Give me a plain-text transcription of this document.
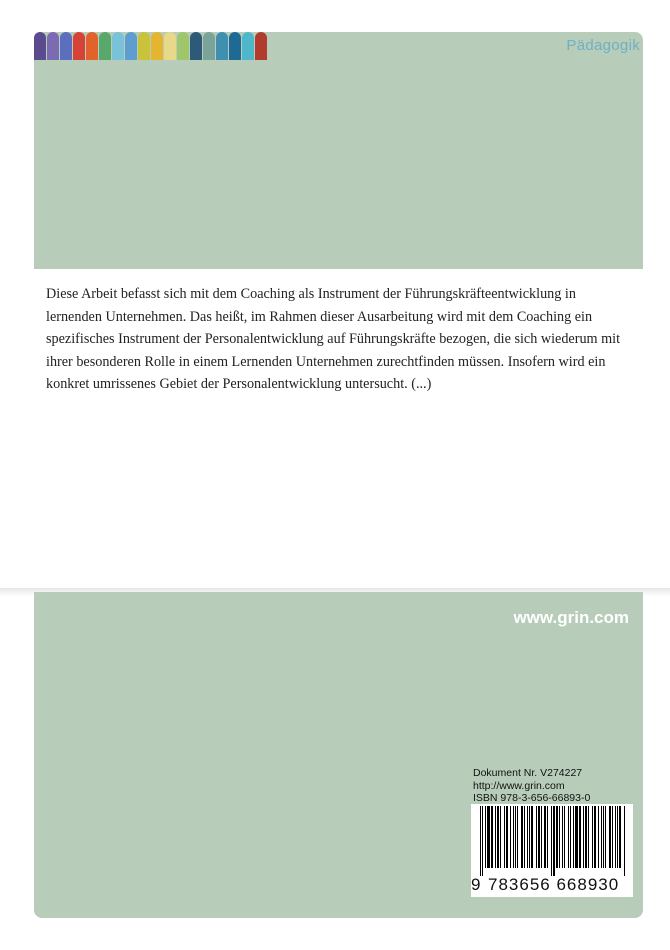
Pädagogik

Diese Arbeit befasst sich mit dem Coaching als Instrument der Führungskräfteentwicklung in lernenden Unternehmen. Das heißt, im Rahmen dieser Ausarbeitung wird mit dem Coaching ein spezifisches Instrument der Personalentwicklung auf Führungskräfte bezogen, die sich wiederum mit ihrer besonderen Rolle in einem Lernenden Unternehmen zurechtfinden müssen. Insofern wird ein konkret umrissenes Gebiet der Personalentwicklung untersucht. (...)

www.grin.com
Dokument Nr. V274227
http://www.grin.com
ISBN 978-3-656-66893-0
9 783656 668930
